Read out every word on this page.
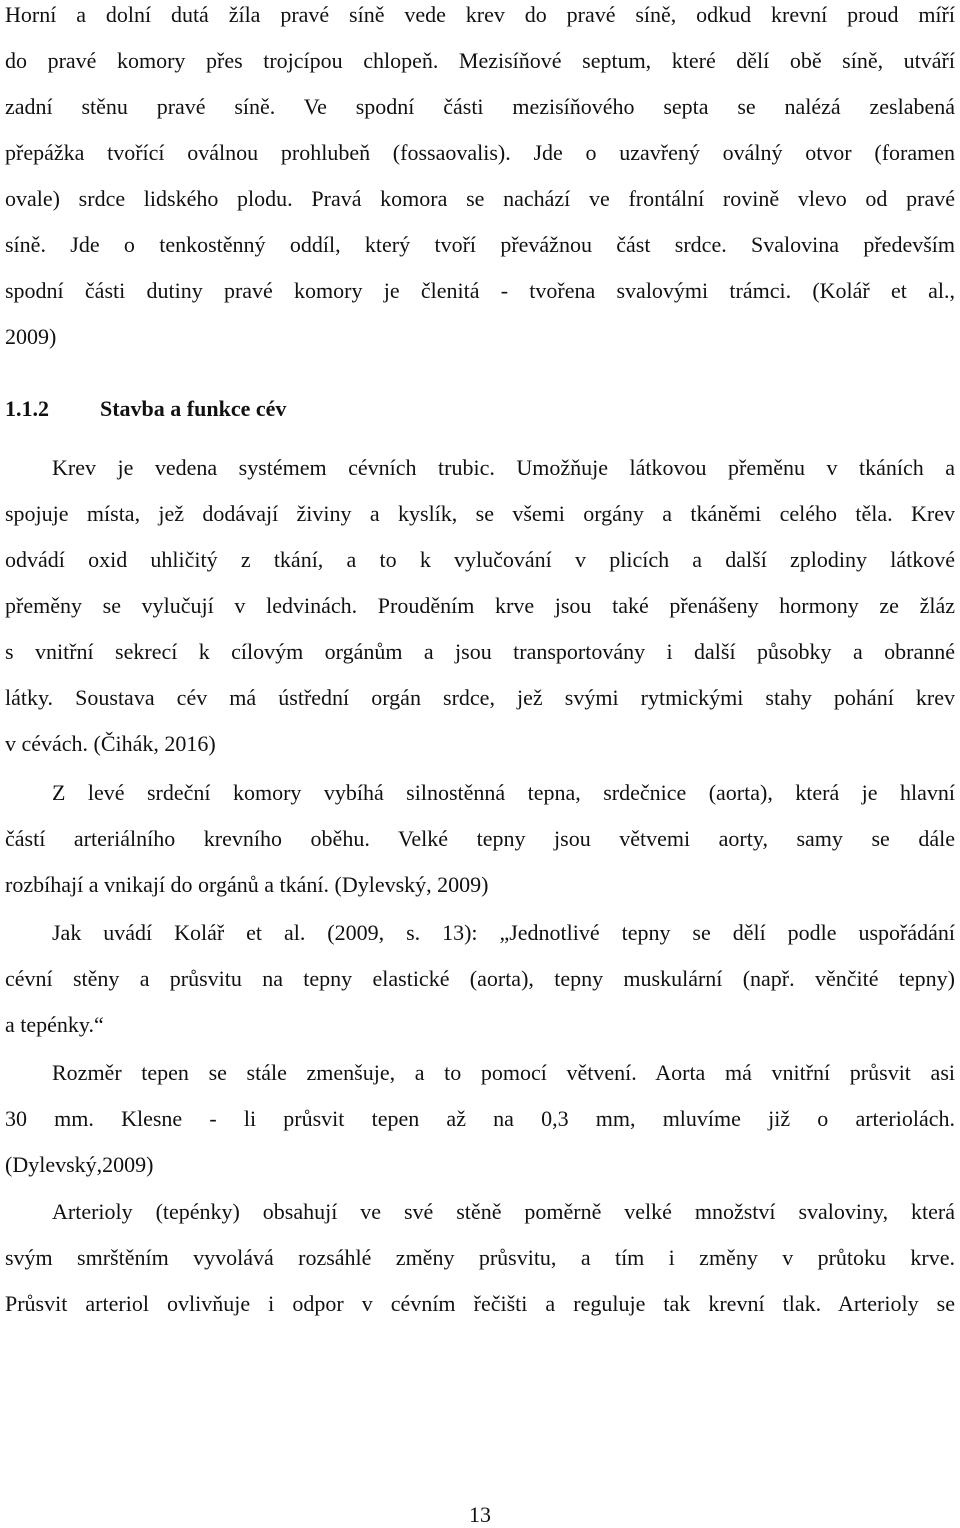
Horní a dolní dutá žíla pravé síně vede krev do pravé síně, odkud krevní proud míří
do pravé komory přes trojcípou chlopeň. Mezisíňové septum, které dělí obě síně, utváří
zadní stěnu pravé síně. Ve spodní části mezisíňového septa se nalézá zeslabená
přepážka tvořící oválnou prohlubeň (fossaovalis). Jde o uzavřený oválný otvor (foramen
ovale) srdce lidského plodu. Pravá komora se nachází ve frontální rovině vlevo od pravé
síně. Jde o tenkostěnný oddíl, který tvoří převážnou část srdce. Svalovina především
spodní části dutiny pravé komory je členitá - tvořena svalovými trámci. (Kolář et al.,
2009)
1.1.2 Stavba a funkce cév
Krev je vedena systémem cévních trubic. Umožňuje látkovou přeměnu v tkáních a
spojuje místa, jež dodávají živiny a kyslík, se všemi orgány a tkáněmi celého těla. Krev
odvádí oxid uhličitý z tkání, a to k vylučování v plicích a další zplodiny látkové
přeměny se vylučují v ledvinách. Prouděním krve jsou také přenášeny hormony ze žláz
s vnitřní sekrecí k cílovým orgánům a jsou transportovány i další působky a obranné
látky. Soustava cév má ústřední orgán srdce, jež svými rytmickými stahy pohání krev
v cévách. (Čihák, 2016)
Z levé srdeční komory vybíhá silnostěnná tepna, srdečnice (aorta), která je hlavní
částí arteriálního krevního oběhu. Velké tepny jsou větvemi aorty, samy se dále
rozbíhají a vnikají do orgánů a tkání. (Dylevský, 2009)
Jak uvádí Kolář et al. (2009, s. 13): „Jednotlivé tepny se dělí podle uspořádání
cévní stěny a průsvitu na tepny elastické (aorta), tepny muskulární (např. věnčité tepny)
a tepénky.“
Rozměr tepen se stále zmenšuje, a to pomocí větvení. Aorta má vnitřní průsvit asi
30 mm. Klesne - li průsvit tepen až na 0,3 mm, mluvíme již o arteriolách.
(Dylevský,2009)
Arterioly (tepénky) obsahují ve své stěně poměrně velké množství svaloviny, která
svým smrštěním vyvolává rozsáhlé změny průsvitu, a tím i změny v průtoku krve.
Průsvit arteriol ovlivňuje i odpor v cévním řečišti a reguluje tak krevní tlak. Arterioly se
13
